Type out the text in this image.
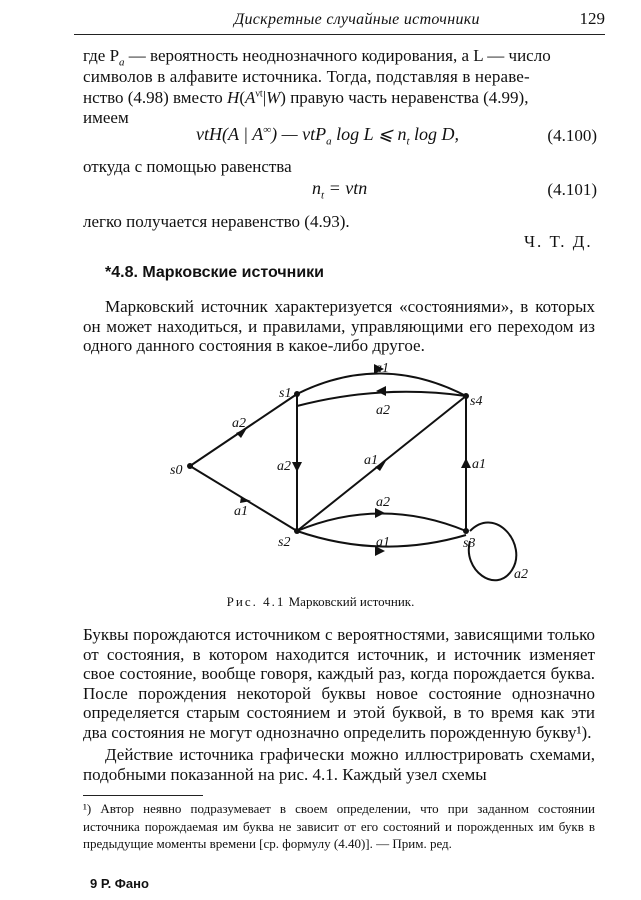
Дискретные случайные источники	129
где $P_a$ — вероятность неоднозначного кодирования, а L — число
символов в алфавите источника. Тогда, подставляя в нераве-
нство (4.98) вместо $H(A^{\nu t}|W)$ правую часть неравенства (4.99),
имеем
νtH(A | A∞) — νtP$_a$ log L ⩽ $n_t$ log D,	(4.100)
откуда с помощью равенства
$n_t = \nu tn$	(4.101)
легко получается неравенство (4.93).
Ч. Т. Д.
*4.8. Марковские источники

Марковский источник характеризуется «состояниями», в которых он может находиться, и правилами, управляющими его переходом из одного данного состояния в какое-либо другое.

s0
s1
s2	s3
s4
a1
a2
a2
a2	a1	a1
a1
a2
a1
a2
Рис. 4.1 Марковский источник.

Буквы порождаются источником с вероятностями, зависящими только от состояния, в котором находится источник, и источник изменяет свое состояние, вообще говоря, каждый раз, когда порождается буква. После порождения некоторой буквы новое состояние однозначно определяется старым состоянием и этой буквой, в то время как эти два состояния не могут однозначно определить порожденную букву¹).

Действие источника графически можно иллюстрировать схемами, подобными показанной на рис. 4.1. Каждый узел схемы

¹) Автор неявно подразумевает в своем определении, что при заданном состоянии источника порождаемая им буква не зависит от его состояний и порожденных им букв в предыдущие моменты времени [ср. формулу (4.40)]. — Прим. ред.

9 Р. Фано
